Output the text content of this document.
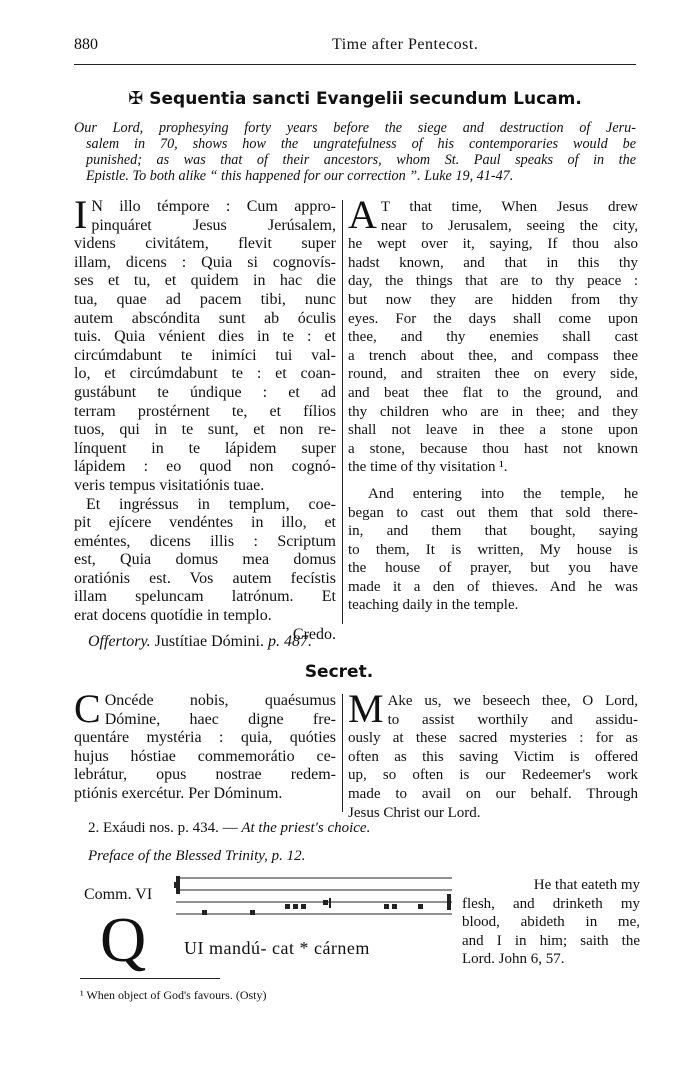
880	Time after Pentecost.
✠ Sequentia sancti Evangelii secundum Lucam.
Our Lord, prophesying forty years before the siege and destruction of Jeru-
salem in 70, shows how the ungratefulness of his contemporaries would be
punished; as was that of their ancestors, whom St. Paul speaks of in the
Epistle. To both alike “ this happened for our correction ”. Luke 19, 41-47.
I N illo témpore : Cum appro-
pinquáret Jesus Jerúsalem,
videns civitátem, flevit super
illam, dicens : Quia si cognovís-
ses et tu, et quidem in hac die
tua, quae ad pacem tibi, nunc
autem abscóndita sunt ab óculis
tuis. Quia vénient dies in te : et
circúmdabunt te inimíci tui val-
lo, et circúmdabunt te : et coan-
gustábunt te úndique : et ad
terram prostérnent te, et fílios
tuos, qui in te sunt, et non re-
línquent in te lápidem super
lápidem : eo quod non cognó-
veris tempus visitatiónis tuae.
Et ingréssus in templum, coe-
pit ejícere vendéntes in illo, et
eméntes, dicens illis : Scriptum
est, Quia domus mea domus
oratiónis est. Vos autem fecístis
illam speluncam latrónum. Et
erat docens quotídie in templo.
Credo.
A T that time, When Jesus drew
near to Jerusalem, seeing the city,
he wept over it, saying, If thou also
hadst known, and that in this thy
day, the things that are to thy peace :
but now they are hidden from thy
eyes. For the days shall come upon
thee, and thy enemies shall cast
a trench about thee, and compass thee
round, and straiten thee on every side,
and beat thee flat to the ground, and
thy children who are in thee; and they
shall not leave in thee a stone upon
a stone, because thou hast not known
the time of thy visitation ¹.
And entering into the temple, he
began to cast out them that sold there-
in, and them that bought, saying
to them, It is written, My house is
the house of prayer, but you have
made it a den of thieves. And he was
teaching daily in the temple.
Offertory. Justítiae Dómini. p. 487.
Secret.
C Oncéde nobis, quaésumus
Dómine, haec digne fre-
quentáre mystéria : quia, quóties
hujus hóstiae commemorátio ce-
lebrátur, opus nostrae redem-
ptiónis exercétur. Per Dóminum.
M Ake us, we beseech thee, O Lord,
to assist worthily and assidu-
ously at these sacred mysteries : for as
often as this saving Victim is offered
up, so often is our Redeemer's work
made to avail on our behalf. Through
Jesus Christ our Lord.
2. Exáudi nos. p. 434. — At the priest's choice.
Preface of the Blessed Trinity, p. 12.
Comm. VI
Q UI mandú- cat * cárnem
He that eateth my
flesh, and drinketh my
blood, abideth in me,
and I in him; saith the
Lord. John 6, 57.
¹ When object of God's favours. (Osty)
